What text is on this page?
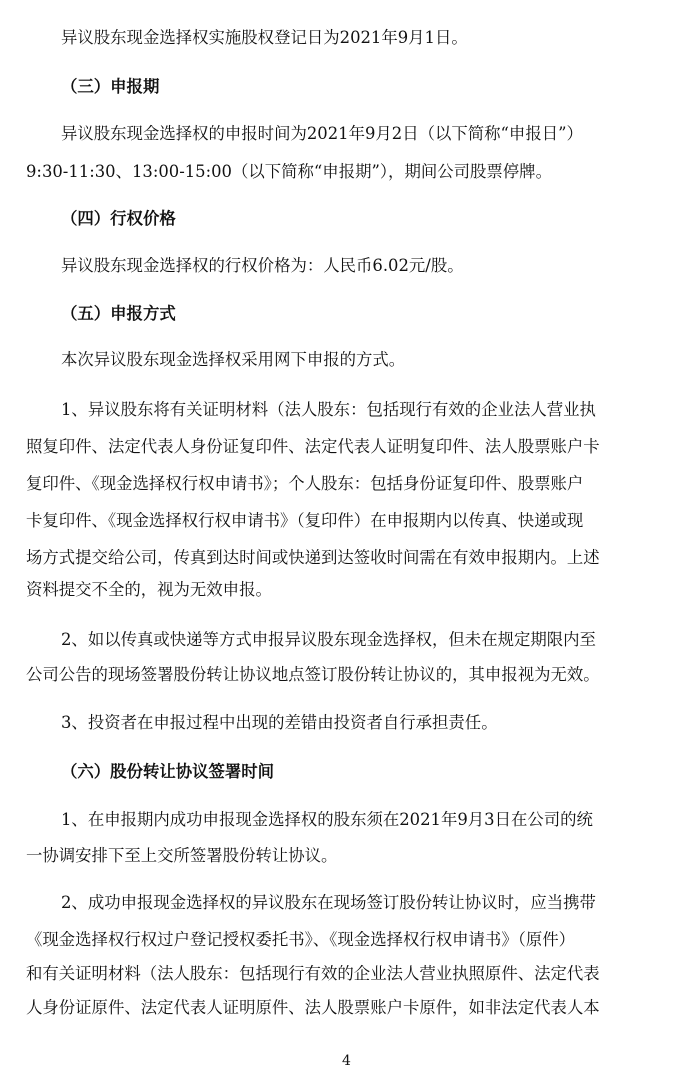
异议股东现金选择权实施股权登记日为2021年9月1日。
（三）申报期
异议股东现金选择权的申报时间为2021年9月2日（以下简称“申报日”）
9:30-11:30、13:00-15:00（以下简称“申报期”），期间公司股票停牌。
（四）行权价格
异议股东现金选择权的行权价格为：人民币6.02元/股。
（五）申报方式
本次异议股东现金选择权采用网下申报的方式。
1、异议股东将有关证明材料（法人股东：包括现行有效的企业法人营业执
照复印件、法定代表人身份证复印件、法定代表人证明复印件、法人股票账户卡
复印件、《现金选择权行权申请书》；个人股东：包括身份证复印件、股票账户
卡复印件、《现金选择权行权申请书》（复印件）在申报期内以传真、快递或现
场方式提交给公司，传真到达时间或快递到达签收时间需在有效申报期内。上述
资料提交不全的，视为无效申报。
2、如以传真或快递等方式申报异议股东现金选择权，但未在规定期限内至
公司公告的现场签署股份转让协议地点签订股份转让协议的，其申报视为无效。
3、投资者在申报过程中出现的差错由投资者自行承担责任。
（六）股份转让协议签署时间
1、在申报期内成功申报现金选择权的股东须在2021年9月3日在公司的统
一协调安排下至上交所签署股份转让协议。
2、成功申报现金选择权的异议股东在现场签订股份转让协议时，应当携带
《现金选择权行权过户登记授权委托书》、《现金选择权行权申请书》（原件）
和有关证明材料（法人股东：包括现行有效的企业法人营业执照原件、法定代表
人身份证原件、法定代表人证明原件、法人股票账户卡原件，如非法定代表人本
4
